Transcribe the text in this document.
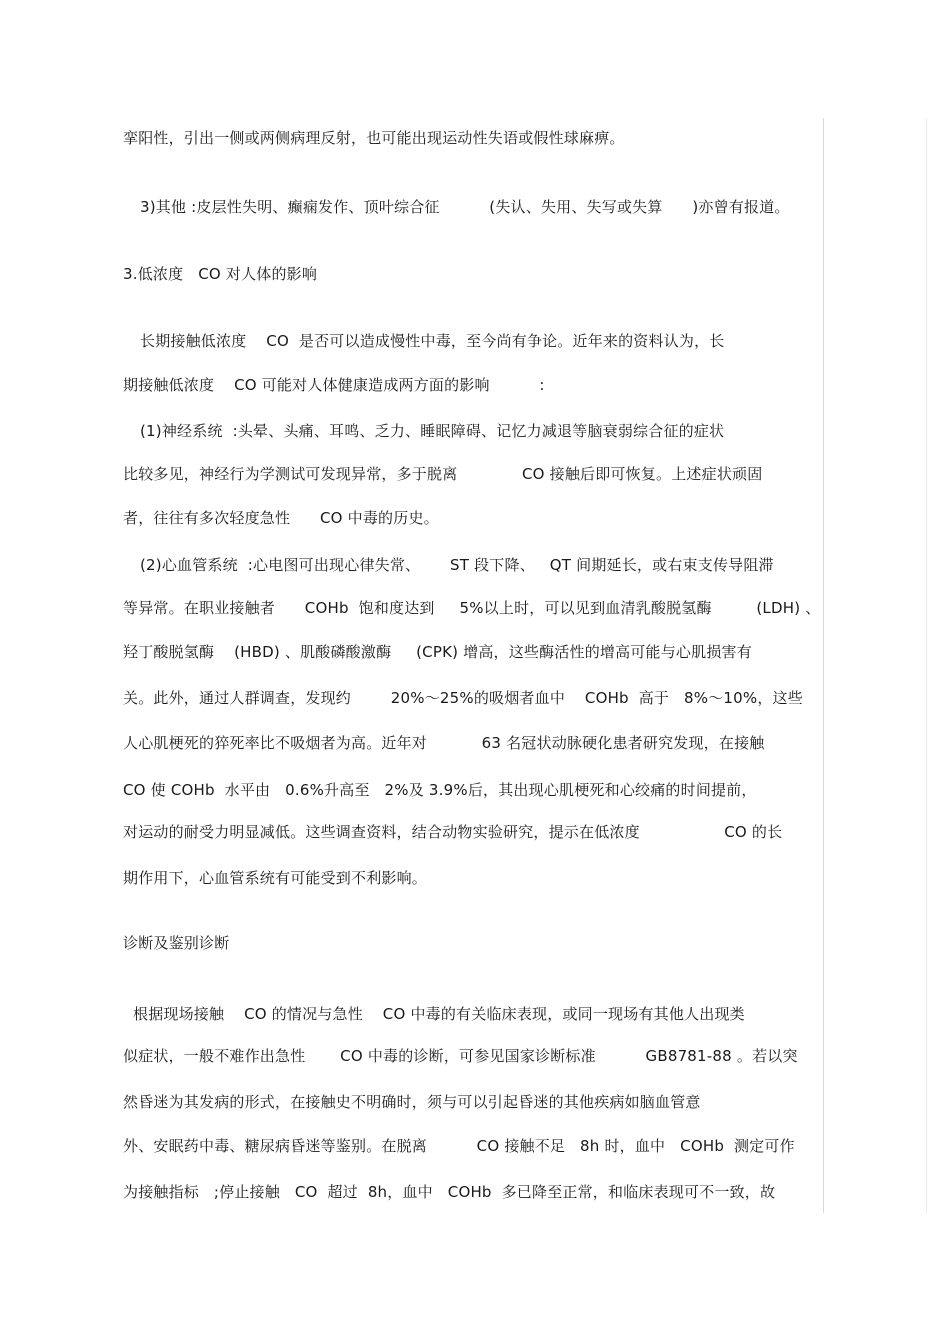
挛阳性，引出一侧或两侧病理反射，也可能出现运动性失语或假性球麻痹。
3)其他 :皮层性失明、癫痫发作、顶叶综合征          (失认、失用、失写或失算      )亦曾有报道。
3.低浓度   CO 对人体的影响
长期接触低浓度    CO  是否可以造成慢性中毒，至今尚有争论。近年来的资料认为，长
期接触低浓度    CO 可能对人体健康造成两方面的影响          :
(1)神经系统  :头晕、头痛、耳鸣、乏力、睡眠障碍、记忆力减退等脑衰弱综合征的症状
比较多见，神经行为学测试可发现异常，多于脱离             CO 接触后即可恢复。上述症状顽固
者，往往有多次轻度急性      CO 中毒的历史。
(2)心血管系统  :心电图可出现心律失常、      ST 段下降、   QT 间期延长，或右束支传导阻滞
等异常。在职业接触者      COHb  饱和度达到     5%以上时，可以见到血清乳酸脱氢酶         (LDH) 、
羟丁酸脱氢酶    (HBD) 、肌酸磷酸激酶     (CPK) 增高，这些酶活性的增高可能与心肌损害有
关。此外，通过人群调查，发现约        20%～25%的吸烟者血中    COHb  高于   8%～10%，这些
人心肌梗死的猝死率比不吸烟者为高。近年对           63 名冠状动脉硬化患者研究发现，在接触
CO 使 COHb  水平由   0.6%升高至   2%及 3.9%后，其出现心肌梗死和心绞痛的时间提前，
对运动的耐受力明显减低。这些调查资料，结合动物实验研究，提示在低浓度                 CO 的长
期作用下，心血管系统有可能受到不利影响。
诊断及鉴别诊断
根据现场接触    CO 的情况与急性    CO 中毒的有关临床表现，或同一现场有其他人出现类
似症状，一般不难作出急性       CO 中毒的诊断，可参见国家诊断标准          GB8781-88 。若以突
然昏迷为其发病的形式，在接触史不明确时，须与可以引起昏迷的其他疾病如脑血管意
外、安眠药中毒、糖尿病昏迷等鉴别。在脱离          CO 接触不足   8h 时，血中   COHb  测定可作
为接触指标   ;停止接触   CO  超过  8h，血中   COHb  多已降至正常，和临床表现可不一致，故
